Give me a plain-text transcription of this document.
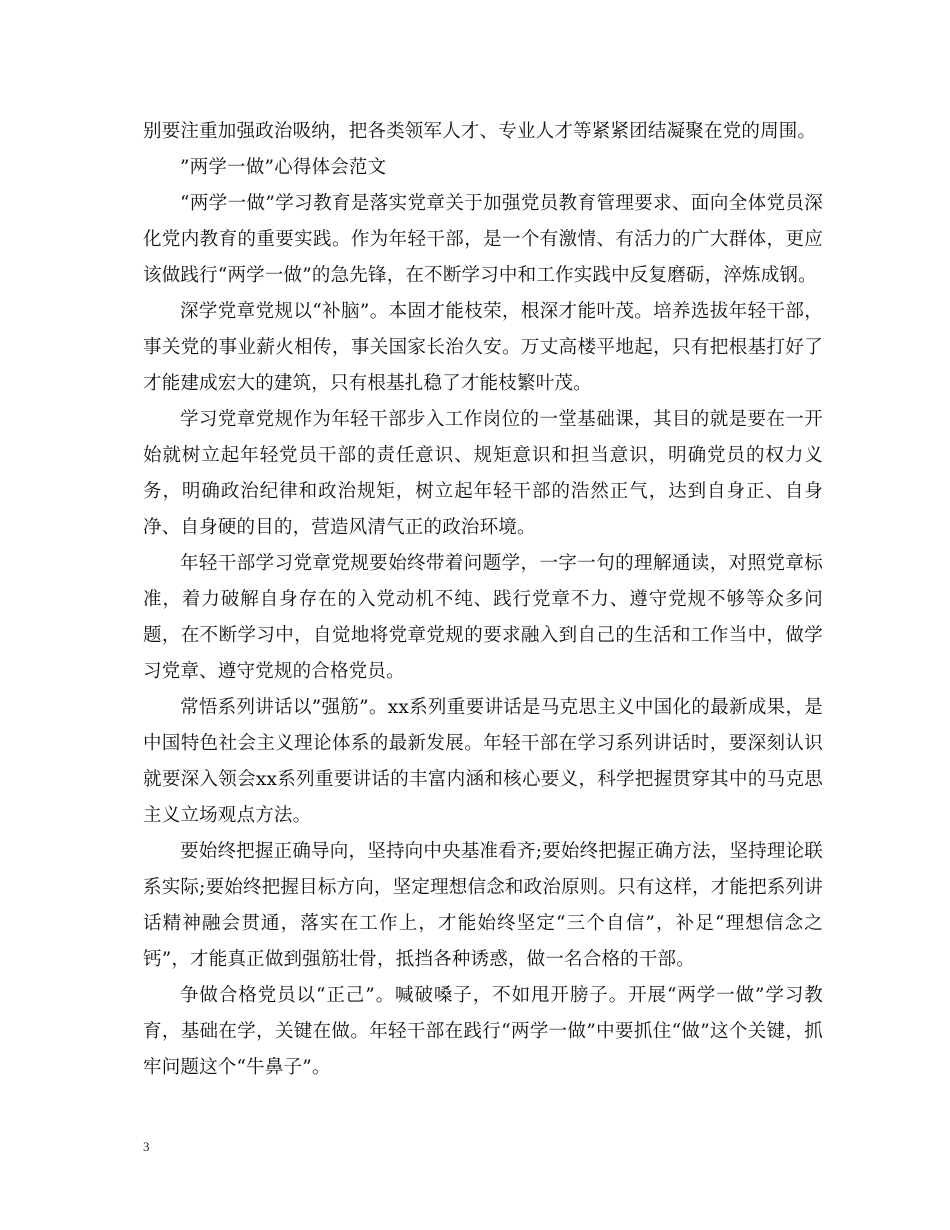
别要注重加强政治吸纳，把各类领军人才、专业人才等紧紧团结凝聚在党的周围。

”两学一做”心得体会范文

“两学一做”学习教育是落实党章关于加强党员教育管理要求、面向全体党员深化党内教育的重要实践。作为年轻干部，是一个有激情、有活力的广大群体，更应该做践行“两学一做”的急先锋，在不断学习中和工作实践中反复磨砺，淬炼成钢。

深学党章党规以“补脑”。本固才能枝荣，根深才能叶茂。培养选拔年轻干部，事关党的事业薪火相传，事关国家长治久安。万丈高楼平地起，只有把根基打好了才能建成宏大的建筑，只有根基扎稳了才能枝繁叶茂。

学习党章党规作为年轻干部步入工作岗位的一堂基础课，其目的就是要在一开始就树立起年轻党员干部的责任意识、规矩意识和担当意识，明确党员的权力义务，明确政治纪律和政治规矩，树立起年轻干部的浩然正气，达到自身正、自身净、自身硬的目的，营造风清气正的政治环境。

年轻干部学习党章党规要始终带着问题学，一字一句的理解通读，对照党章标准，着力破解自身存在的入党动机不纯、践行党章不力、遵守党规不够等众多问题，在不断学习中，自觉地将党章党规的要求融入到自己的生活和工作当中，做学习党章、遵守党规的合格党员。

常悟系列讲话以”强筋”。xx系列重要讲话是马克思主义中国化的最新成果，是中国特色社会主义理论体系的最新发展。年轻干部在学习系列讲话时，要深刻认识就要深入领会xx系列重要讲话的丰富内涵和核心要义，科学把握贯穿其中的马克思主义立场观点方法。

要始终把握正确导向，坚持向中央基准看齐;要始终把握正确方法，坚持理论联系实际;要始终把握目标方向，坚定理想信念和政治原则。只有这样，才能把系列讲话精神融会贯通，落实在工作上，才能始终坚定“三个自信”，补足“理想信念之钙”，才能真正做到强筋壮骨，抵挡各种诱惑，做一名合格的干部。

争做合格党员以“正己”。喊破嗓子，不如甩开膀子。开展“两学一做”学习教育，基础在学，关键在做。年轻干部在践行“两学一做”中要抓住“做”这个关键，抓牢问题这个“牛鼻子”。

3
